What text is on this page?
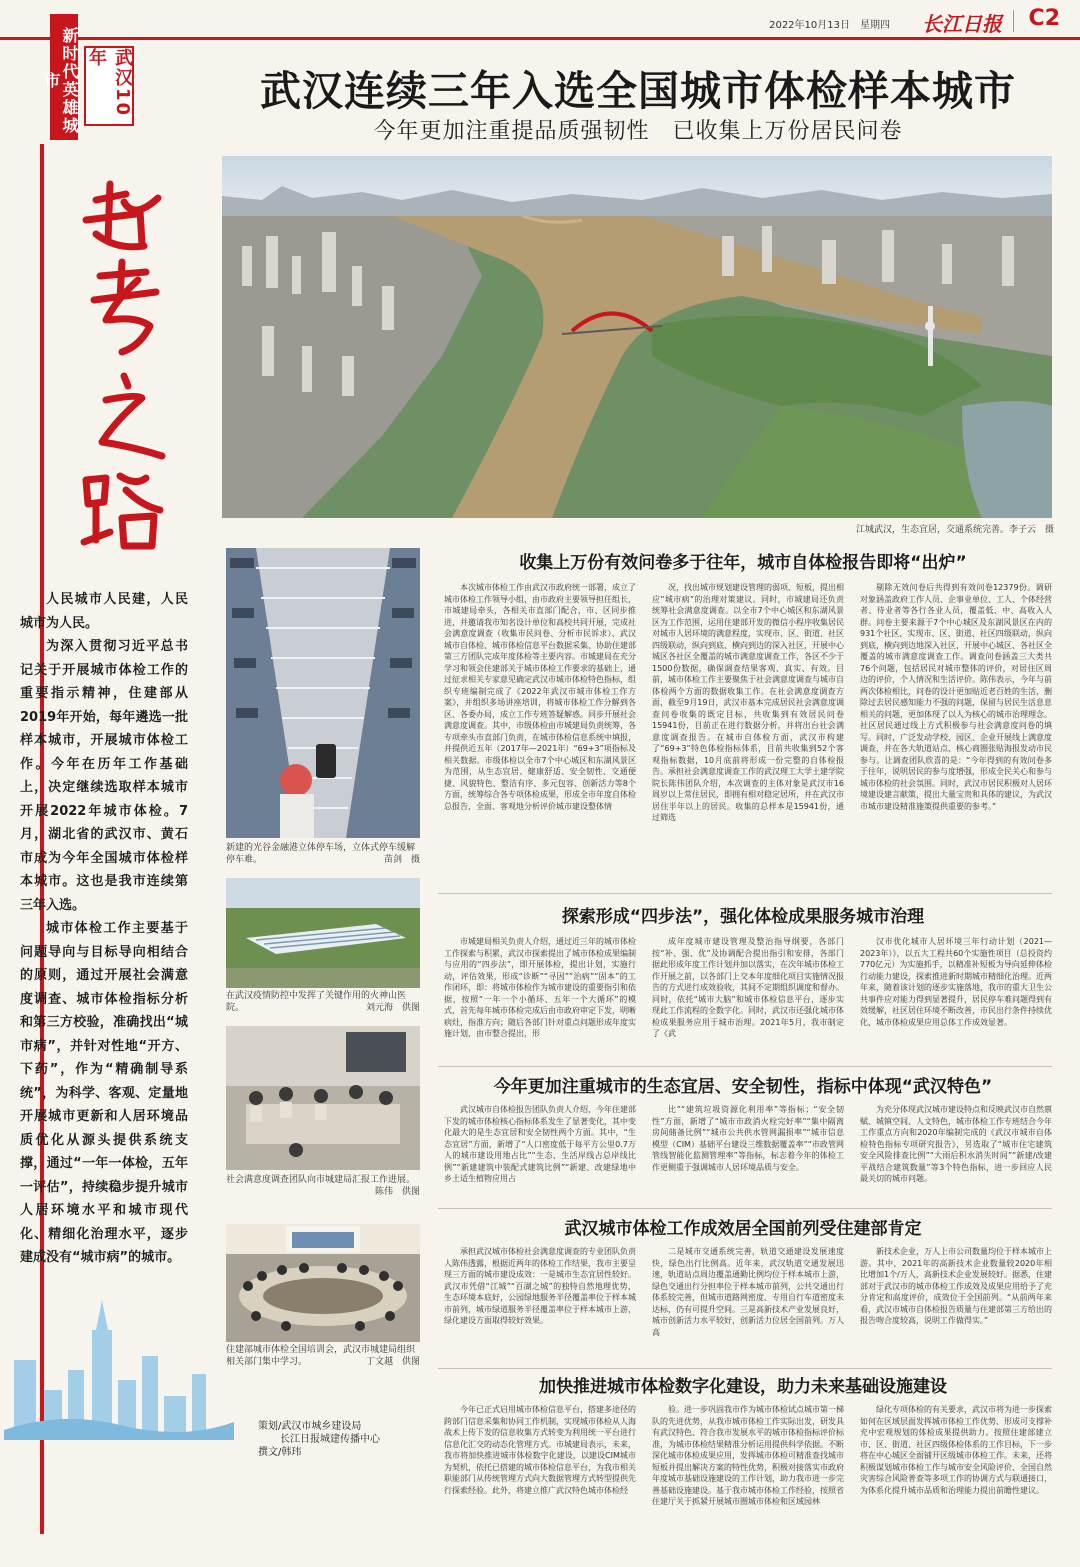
2022年10月13日　星期四 长江日报 C2
新时代英雄城市	武汉10年
武汉连续三年入选全国城市体检样本城市
今年更加注重提品质强韧性　已收集上万份居民问卷
江城武汉，生态宜居，交通系统完善。李子云　摄

人民城市人民建，人民城市为人民。

为深入贯彻习近平总书记关于开展城市体检工作的重要指示精神，住建部从2019年开始，每年遴选一批样本城市，开展城市体检工作。今年在历年工作基础上，决定继续选取样本城市开展2022年城市体检。7月，湖北省的武汉市、黄石市成为今年全国城市体检样本城市。这也是我市连续第三年入选。

城市体检工作主要基于问题导向与目标导向相结合的原则，通过开展社会满意度调查、城市体检指标分析和第三方校验，准确找出“城市病”，并针对性地“开方、下药”，作为“精确制导系统”，为科学、客观、定量地开展城市更新和人居环境品质优化从源头提供系统支撑，通过“一年一体检，五年一评估”，持续稳步提升城市人居环境水平和城市现代化、精细化治理水平，逐步建成没有“城市病”的城市。

策划/武汉市城乡建设局
长江日报城建传播中心
撰文/韩玮
新建的光谷金融港立体停车场，立体式停车缓解停车难。	苗剑　摄
在武汉疫情防控中发挥了关键作用的火神山医院。	刘元海　供图
社会满意度调查团队向市城建局汇报工作进展。
陈伟　供图
住建部城市体检全国培训会，武汉市城建局组织相关部门集中学习。	丁文越　供图
收集上万份有效问卷多于往年，城市自体检报告即将“出炉”
本次城市体检工作由武汉市政府统一部署，成立了城市体检工作领导小组，由市政府主要领导担任组长，市城建局牵头，各相关市直部门配合，市、区同步推进，并邀请我市知名设计单位和高校共同开展，完成社会满意度调查（收集市民问卷、分析市民诉求）、武汉城市自体检、城市体检信息平台数据采集、协助住建部第三方团队完成年度体检等主要内容。市城建局在充分学习和领会住建部关于城市体检工作要求的基础上，通过征求相关专家意见确定武汉市城市体检特色指标，组织专班编制完成了《2022年武汉市城市体检工作方案》，并组织多场讲座培训，将城市体检工作分解到各区、各委办局，成立工作专班答疑解惑。同步开展社会满意度调查。其中，市级体检由市城建局负责统筹，各专项牵头市直部门负责，在城市体检信息系统中填报，并提供近五年（2017年—2021年）“69+3”项指标及相关数据。市级体检以全市7个中心城区和东湖风景区为范围，从生态宜居、健康舒适、安全韧性、交通便捷、风貌特色、整洁有序、多元包容、创新活力等8个方面，统筹综合各专项体检成果，形成全市年度自体检总报告，全面、客观地分析评价城市建设整体情
况，找出城市规划建设管理的弱项、短板，提出相应“城市病”的治理对策建议。同时，市城建局还负责统筹社会满意度调查。以全市7个中心城区和东湖风景区为工作范围，运用住建部开发的微信小程序收集居民对城市人居环境的满意程度，实现市、区、街道、社区四级联动，纵向到底、横向到边的深入社区，开展中心城区各社区全覆盖的城市满意度调查工作，各区不少于1500份数据，确保调查结果客观、真实、有效。目前，城市体检工作主要聚焦于社会满意度调查与城市自体检两个方面的数据收集工作。在社会满意度调查方面，截至9月19日，武汉市基本完成居民社会满意度调查问卷收集的既定目标，共收集到有效居民问卷15941份，目前正在进行数据分析，并将出台社会满意度调查报告。在城市自体检方面，武汉市构建了“69+3”特色体检指标体系，目前共收集到52个客观指标数据，10月底前将形成一份完整的自体检报告。承担社会满意度调查工作的武汉理工大学土建学院院长陈伟团队介绍，本次调查的主体对象是武汉市16周岁以上常住居民，即拥有相对稳定居所，并在武汉市居住半年以上的居民。收集的总样本是15941份，通过筛选
剔除无效问卷后共得到有效问卷12379份。调研对象涵盖政府工作人员、企事业单位、工人、个体经营者、待业者等各行各业人员，覆盖低、中、高收入人群。问卷主要来源于7个中心城区及东湖风景区在内的931个社区，实现市、区、街道、社区四级联动，纵向到底，横向到边地深入社区，开展中心城区、各社区全覆盖的城市满意度调查工作。调查问卷涵盖三大类共76个问题，包括居民对城市整体的评价，对居住区周边的评价，个人情况和生活评价。陈伟表示，今年与前两次体检相比，问卷的设计更加贴近老百姓的生活，删除过去居民感知能力不强的问题，保留与居民生活息息相关的问题，更加体现了以人为核心的城市治理理念。社区居民通过线上方式积极参与社会满意度问卷的填写。同时，广泛发动学校、园区、企业开展线上满意度调查，并在各大轨道站点、核心商圈张贴海报发动市民参与。让调查团队欣喜的是：“今年得到的有效问卷多于往年，说明居民的参与度增强，形成全民关心和参与城市体检的社会氛围。同时，武汉市居民积极对人居环境建设建言献策，提出大量宝贵和具体的建议，为武汉市城市建设精准施策提供重要的参考。”
探索形成“四步法”，强化体检成果服务城市治理
市城建局相关负责人介绍，通过近三年的城市体检工作探索与积累，武汉市探索提出了城市体检成果编制与应用的“四步法”，即开展体检，提出计划，实施行动，评估效果，形成“诊断”“寻因”“治病”“固本”的工作闭环，即：将城市体检作为城市建设的重要指引和依据，按照“一年一个小循环、五年一个大循环”的模式，首先每年城市体检完成后由市政府审定下发，明晰病灶，指准方向；随后各部门针对重点问题形成年度实施计划，由市整合提出，形
成年度城市建设管理及整治指导纲要，各部门按“补、强、优”及协调配合提出指引和安排，各部门据此形成年度工作计划并加以落实，在次年城市体检工作开展之前，以各部门上交本年度细化项目实施情况报告的方式进行成效验收，其间不定期组织调度和督办。同时，依托“城市大脑”和城市体检信息平台，逐步实现此工作流程的全数字化。同时，武汉市还强化城市体检成果服务应用于城市治理。2021年5月，我市制定了《武
汉市优化城市人居环境三年行动计划（2021—2023年）》，以五大工程共60个实施性项目（总投资约770亿元）为实施抓手，以精准补短板为导向延伸体检行动能力建设，探索推进新时期城市精细化治理。近两年来，随着该计划的逐步实施落地，我市的重大卫生公共事件应对能力得到显著提升，居民停车难问题得到有效缓解，社区居住环境不断改善，市民出行条件持续优化，城市体检成果应用总体工作成效显著。
今年更加注重城市的生态宜居、安全韧性，指标中体现“武汉特色”
武汉城市自体检报告团队负责人介绍，今年住建部下发的城市体检核心指标体系发生了显著变化，其中变化最大的是生态宜居和安全韧性两个方面。其中，“生态宜居”方面，新增了“人口密度低于每平方公里0.7万人的城市建设用地占比”“生态、生活岸线占总岸线比例”“新建建筑中装配式建筑比例”“新建、改建绿地中乡土适生植物应用占
比”“建筑垃圾资源化利用率”等指标；“安全韧性”方面，新增了“城市市政消火栓完好率”“集中隔离房间储备比例”“城市公共供水管网漏损率”“城市信息模型（CIM）基础平台建设三维数据覆盖率”“市政管网管线智能化监测管理率”等指标，标志着今年的体检工作更侧重于强调城市人居环境品质与安全。
为充分体现武汉城市建设特点和反映武汉市自然禀赋、城镇空间、人文特色，城市体检工作专班结合今年工作重点方向和2020年编制完成的《武汉市城市自体检特色指标专项研究报告》，另选取了“城市住宅建筑安全风险排查比例”“大雨后积水消失时间”“新建/改建平战结合建筑数量”等3个特色指标，进一步回应人民最关切的城市问题。
武汉城市体检工作成效居全国前列受住建部肯定
承担武汉城市体检社会满意度调查的专业团队负责人陈伟透露，根据近两年的体检工作结果，我市主要呈现三方面的城市建设成效：一是城市生态宜居性较好。武汉市凭借“江城”“百湖之城”的独特自然地理优势，生态环境本底好，公园绿地服务半径覆盖率位于样本城市前列，城市绿道服务半径覆盖率位于样本城市上游，绿化建设方面取得较好效果。
二是城市交通系统完善，轨道交通建设发展速度快，绿色出行比例高。近年来，武汉轨道交通发展迅速，轨道站点周边覆盖通勤比例均位于样本城市上游，绿色交通出行分担率位于样本城市前列，公共交通出行体系较完善，但城市道路网密度、专用自行车道密度未达标，仍有可提升空间。三是高新技术产业发展良好，城市创新活力水平较好，创新活力位居全国前列。万人高
新技术企业，万人上市公司数量均位于样本城市上游。其中，2021年的高新技术企业数量较2020年相比增加1个/万人，高新技术企业发展较好。据悉，住建部对于武汉市的城市体检工作成效及成果应用给予了充分肯定和高度评价，成效位于全国前列。“从前两年来看，武汉市城市自体检报告质量与住建部第三方给出的报告吻合度较高，说明工作做得实。”
加快推进城市体检数字化建设，助力未来基础设施建设
今年已正式启用城市体检信息平台，搭建多途径的跨部门信息采集和协同工作机制，实现城市体检从人海战术上传下发的信息收集方式转变为利用统一平台进行信息化汇交的动态化管理方式。市城建局表示，未来，我市将加快推进城市体检数字化建设，以建设CIM城市为契机，依托已搭建的城市体检信息平台，为我市相关职能部门从传统管理方式向大数据管理方式转型提供先行探索经验。此外，将建立推广武汉特色城市体检经
验。进一步巩固我市作为城市体检试点城市第一梯队的先进优势，从我市城市体检工作实际出发，研发具有武汉特色、符合我市发展水平的城市体检指标评价标准，为城市体检结果精准分析运用提供科学依据。不断深化城市体检成果应用，发挥城市体检可精准查找城市短板并提出解决方案的特性优势，积极对接落实市政府年度城市基础设施建设的工作计划，助力我市进一步完善基础设施建设。基于我市城市体检工作经验，按照省住建厅关于抓紧开展城市圈城市体检和区域园林
绿化专项体检的有关要求，武汉市将为进一步探索如何在区域层面发挥城市体检工作优势、形成可支撑补充中宏观规划的体检成果提供助力。按照住建部建立市、区、街道、社区四级体检体系的工作目标，下一步将在中心城区全面铺开区级城市体检工作。未来，还将积极谋划城市体检工作与城市安全风险评价、全国自然灾害综合风险普查等多项工作的协调方式与联通接口，为体系化提升城市品质和治理能力提出前瞻性建议。
